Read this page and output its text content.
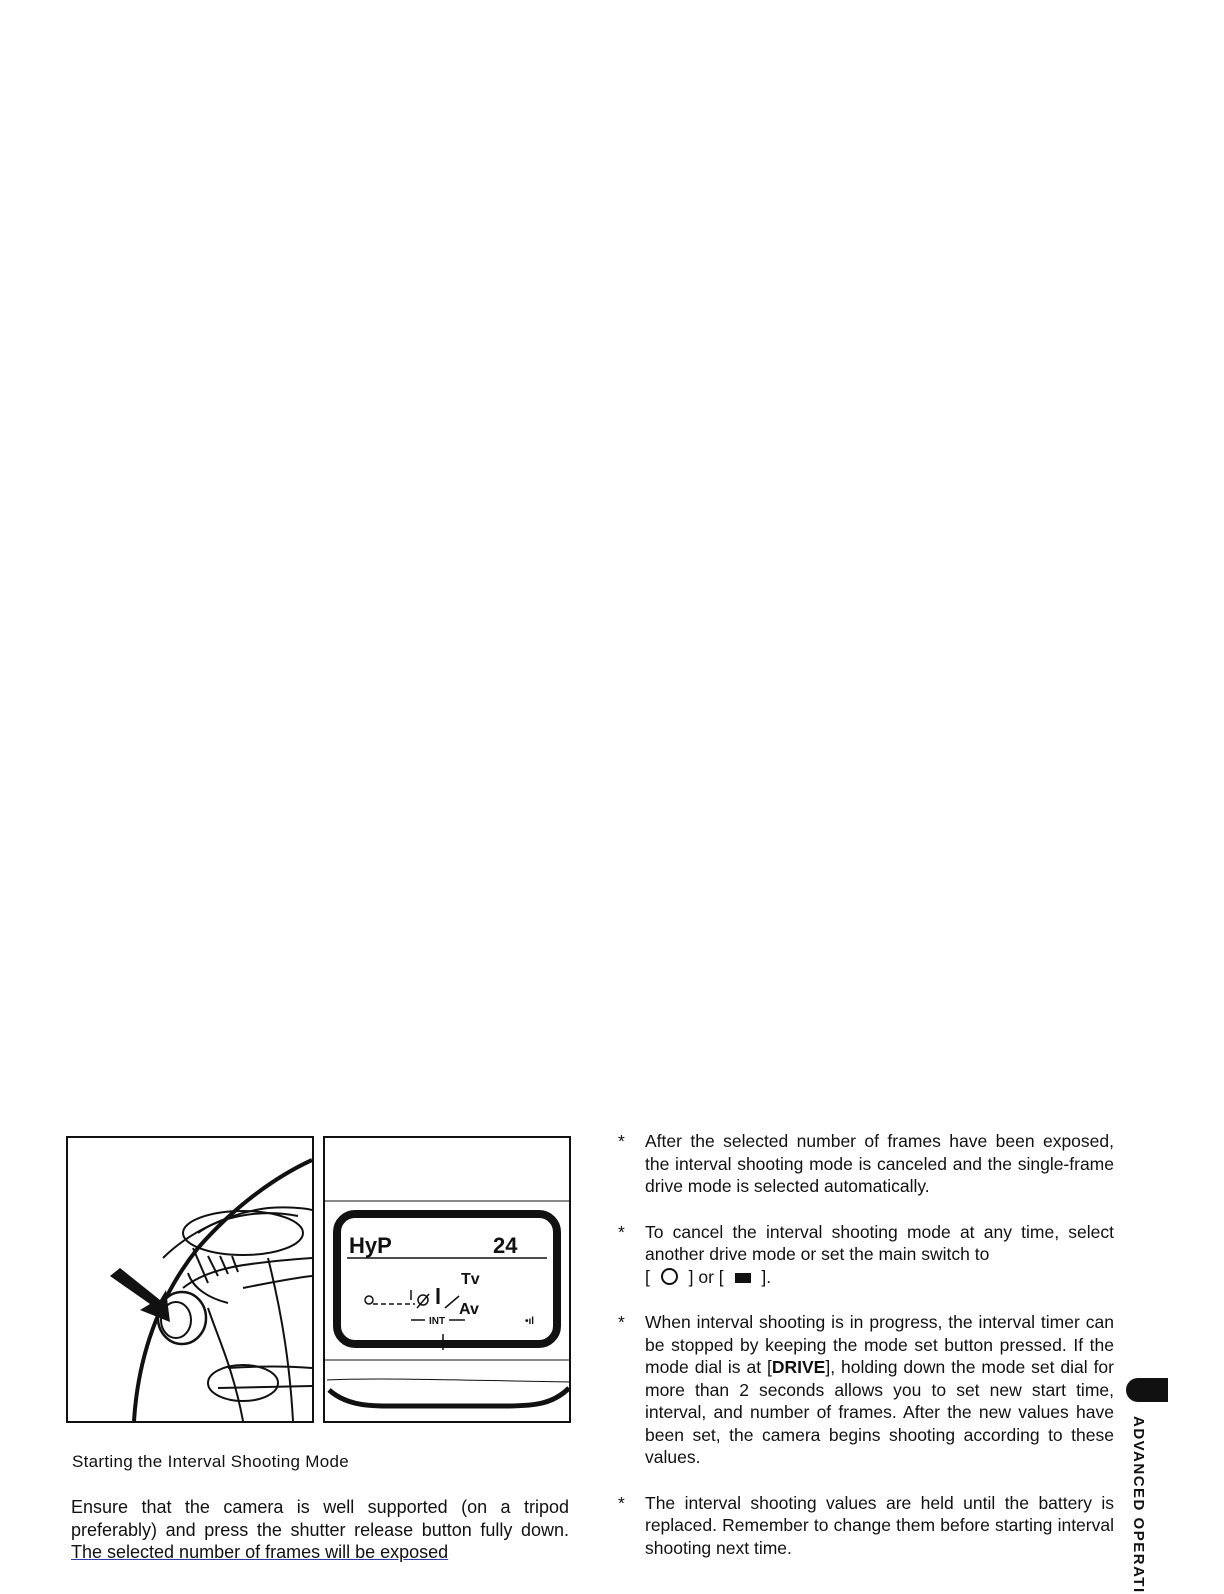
HyP	24
Tv
Av
INT	•ıl
Starting the Interval Shooting Mode
Ensure that the camera is well supported (on a tripod preferably) and press the shutter release button fully down. The selected number of frames will be exposed
* After the selected number of frames have been exposed, the interval shooting mode is canceled and the single-frame drive mode is selected automatically.
* To cancel the interval shooting mode at any time, select another drive mode or set the main switch to
[ ] or [ ].
* When interval shooting is in progress, the interval timer can be stopped by keeping the mode set button pressed. If the mode dial is at [DRIVE], holding down the mode set dial for more than 2 seconds allows you to set new start time, interval, and number of frames. After the new values have been set, the camera begins shooting according to these values.
* The interval shooting values are held until the battery is replaced. Remember to change them before starting interval shooting next time.	ADVANCED OPERATI
